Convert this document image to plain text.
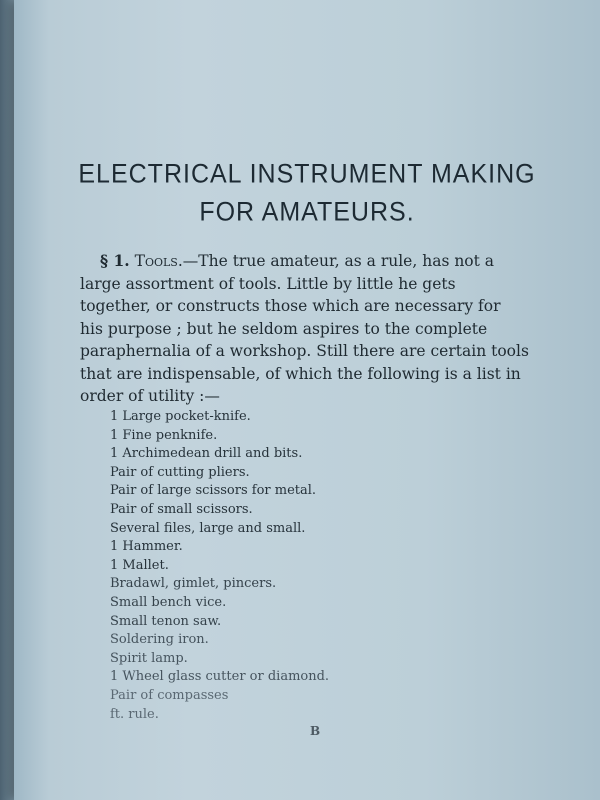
ELECTRICAL INSTRUMENT MAKING
FOR AMATEURS.
§ 1. Tools.—The true amateur, as a rule, has not a
large assortment of tools. Little by little he gets
together, or constructs those which are necessary for
his purpose ; but he seldom aspires to the complete
paraphernalia of a workshop. Still there are certain tools
that are indispensable, of which the following is a list in
order of utility :—
1 Large pocket-knife.
1 Fine penknife.
1 Archimedean drill and bits.
Pair of cutting pliers.
Pair of large scissors for metal.
Pair of small scissors.
Several files, large and small.
1 Hammer.
1 Mallet.
Bradawl, gimlet, pincers.
Small bench vice.
Small tenon saw.
Soldering iron.
Spirit lamp.
1 Wheel glass cutter or diamond.
Pair of compasses
ft. rule.
B
